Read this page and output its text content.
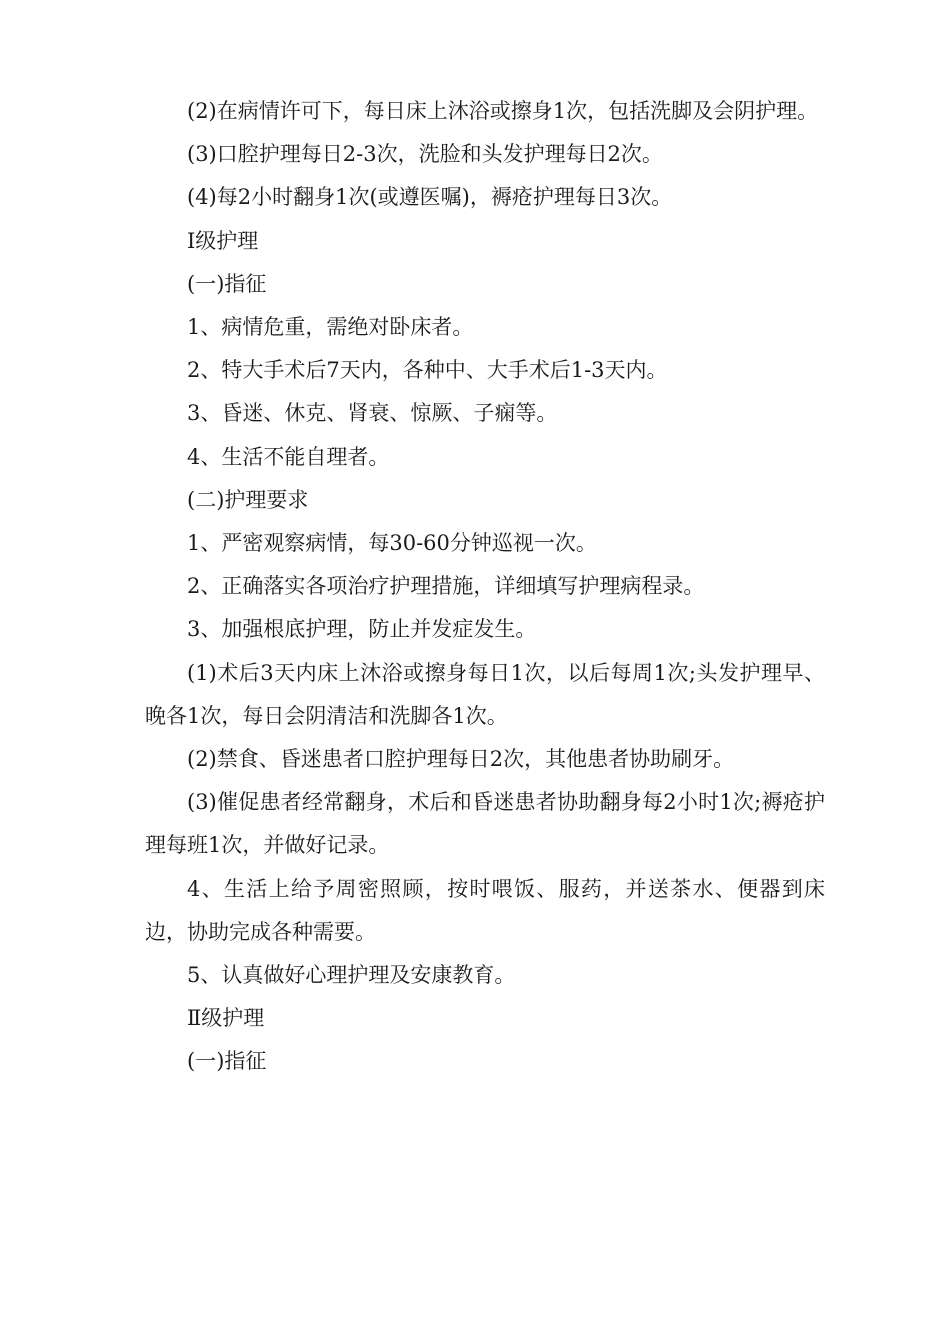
(2)在病情许可下，每日床上沐浴或擦身1次，包括洗脚及会阴护理。

(3)口腔护理每日2-3次，洗脸和头发护理每日2次。

(4)每2小时翻身1次(或遵医嘱)，褥疮护理每日3次。

Ⅰ级护理

(一)指征

1、病情危重，需绝对卧床者。

2、特大手术后7天内，各种中、大手术后1-3天内。

3、昏迷、休克、肾衰、惊厥、子痫等。

4、生活不能自理者。

(二)护理要求

1、严密观察病情，每30-60分钟巡视一次。

2、正确落实各项治疗护理措施，详细填写护理病程录。

3、加强根底护理，防止并发症发生。

(1)术后3天内床上沐浴或擦身每日1次，以后每周1次;头发护理早、晚各1次，每日会阴清洁和洗脚各1次。

(2)禁食、昏迷患者口腔护理每日2次，其他患者协助刷牙。

(3)催促患者经常翻身，术后和昏迷患者协助翻身每2小时1次;褥疮护理每班1次，并做好记录。

4、生活上给予周密照顾，按时喂饭、服药，并送茶水、便器到床边，协助完成各种需要。

5、认真做好心理护理及安康教育。

Ⅱ级护理

(一)指征
